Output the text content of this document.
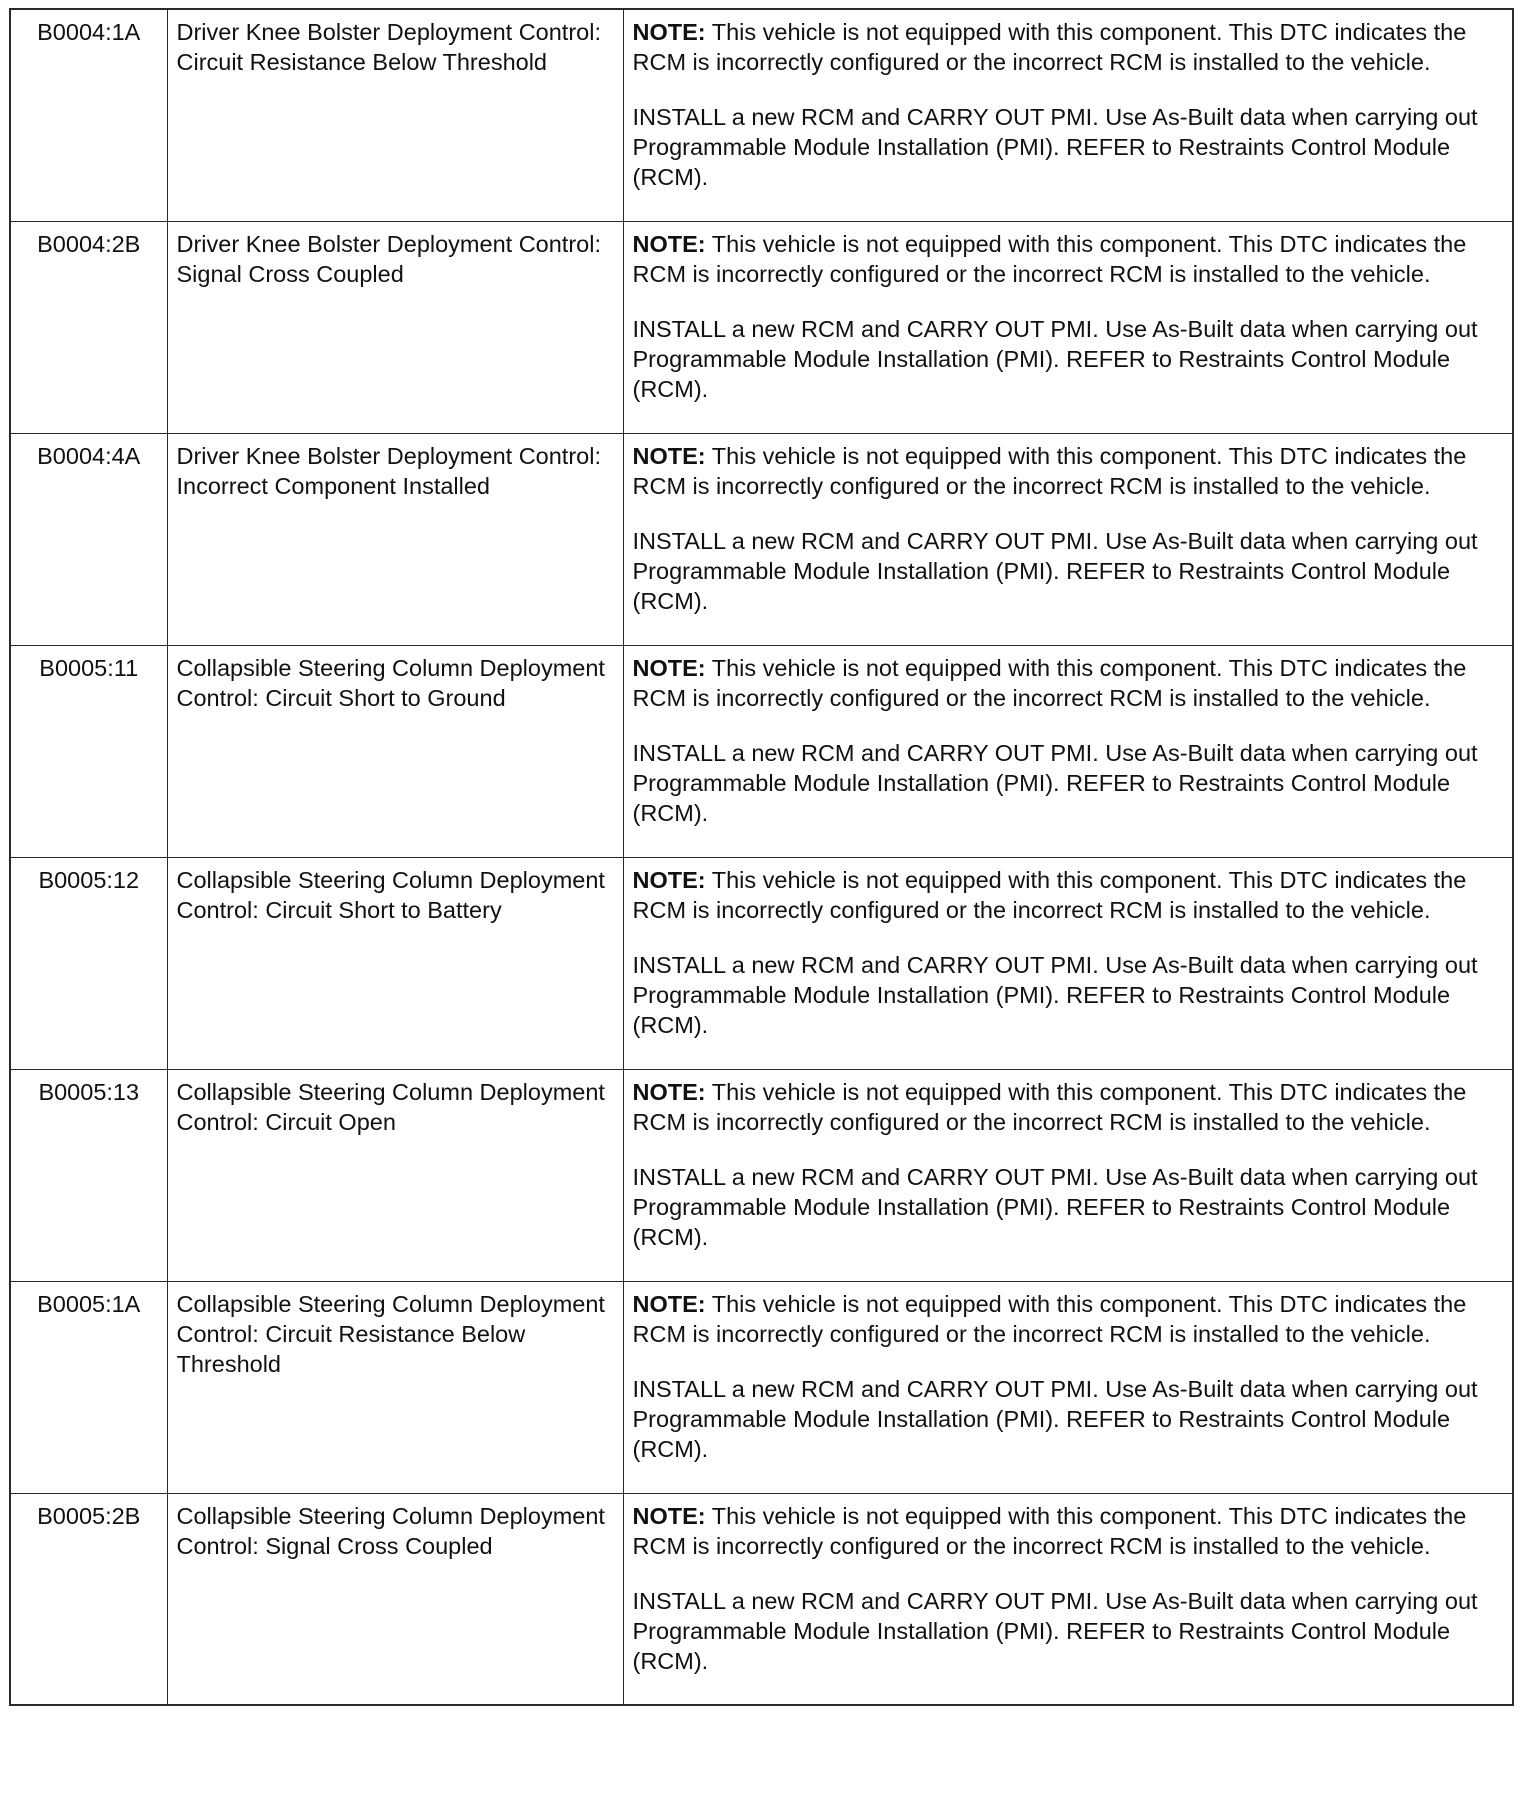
B0004:1A	Driver Knee Bolster Deployment Control: Circuit Resistance Below Threshold	NOTE: This vehicle is not equipped with this component. This DTC indicates the RCM is incorrectly configured or the incorrect RCM is installed to the vehicle.

INSTALL a new RCM and CARRY OUT PMI. Use As-Built data when carrying out Programmable Module Installation (PMI). REFER to Restraints Control Module (RCM).

B0004:2B	Driver Knee Bolster Deployment Control: Signal Cross Coupled	NOTE: This vehicle is not equipped with this component. This DTC indicates the RCM is incorrectly configured or the incorrect RCM is installed to the vehicle.

INSTALL a new RCM and CARRY OUT PMI. Use As-Built data when carrying out Programmable Module Installation (PMI). REFER to Restraints Control Module (RCM).

B0004:4A	Driver Knee Bolster Deployment Control: Incorrect Component Installed	NOTE: This vehicle is not equipped with this component. This DTC indicates the RCM is incorrectly configured or the incorrect RCM is installed to the vehicle.

INSTALL a new RCM and CARRY OUT PMI. Use As-Built data when carrying out Programmable Module Installation (PMI). REFER to Restraints Control Module (RCM).

B0005:11	Collapsible Steering Column Deployment Control: Circuit Short to Ground	NOTE: This vehicle is not equipped with this component. This DTC indicates the RCM is incorrectly configured or the incorrect RCM is installed to the vehicle.

INSTALL a new RCM and CARRY OUT PMI. Use As-Built data when carrying out Programmable Module Installation (PMI). REFER to Restraints Control Module (RCM).

B0005:12	Collapsible Steering Column Deployment Control: Circuit Short to Battery	NOTE: This vehicle is not equipped with this component. This DTC indicates the RCM is incorrectly configured or the incorrect RCM is installed to the vehicle.

INSTALL a new RCM and CARRY OUT PMI. Use As-Built data when carrying out Programmable Module Installation (PMI). REFER to Restraints Control Module (RCM).

B0005:13	Collapsible Steering Column Deployment Control: Circuit Open	NOTE: This vehicle is not equipped with this component. This DTC indicates the RCM is incorrectly configured or the incorrect RCM is installed to the vehicle.

INSTALL a new RCM and CARRY OUT PMI. Use As-Built data when carrying out Programmable Module Installation (PMI). REFER to Restraints Control Module (RCM).

B0005:1A	Collapsible Steering Column Deployment Control: Circuit Resistance Below Threshold	NOTE: This vehicle is not equipped with this component. This DTC indicates the RCM is incorrectly configured or the incorrect RCM is installed to the vehicle.

INSTALL a new RCM and CARRY OUT PMI. Use As-Built data when carrying out Programmable Module Installation (PMI). REFER to Restraints Control Module (RCM).

B0005:2B	Collapsible Steering Column Deployment Control: Signal Cross Coupled	NOTE: This vehicle is not equipped with this component. This DTC indicates the RCM is incorrectly configured or the incorrect RCM is installed to the vehicle.

INSTALL a new RCM and CARRY OUT PMI. Use As-Built data when carrying out Programmable Module Installation (PMI). REFER to Restraints Control Module (RCM).
